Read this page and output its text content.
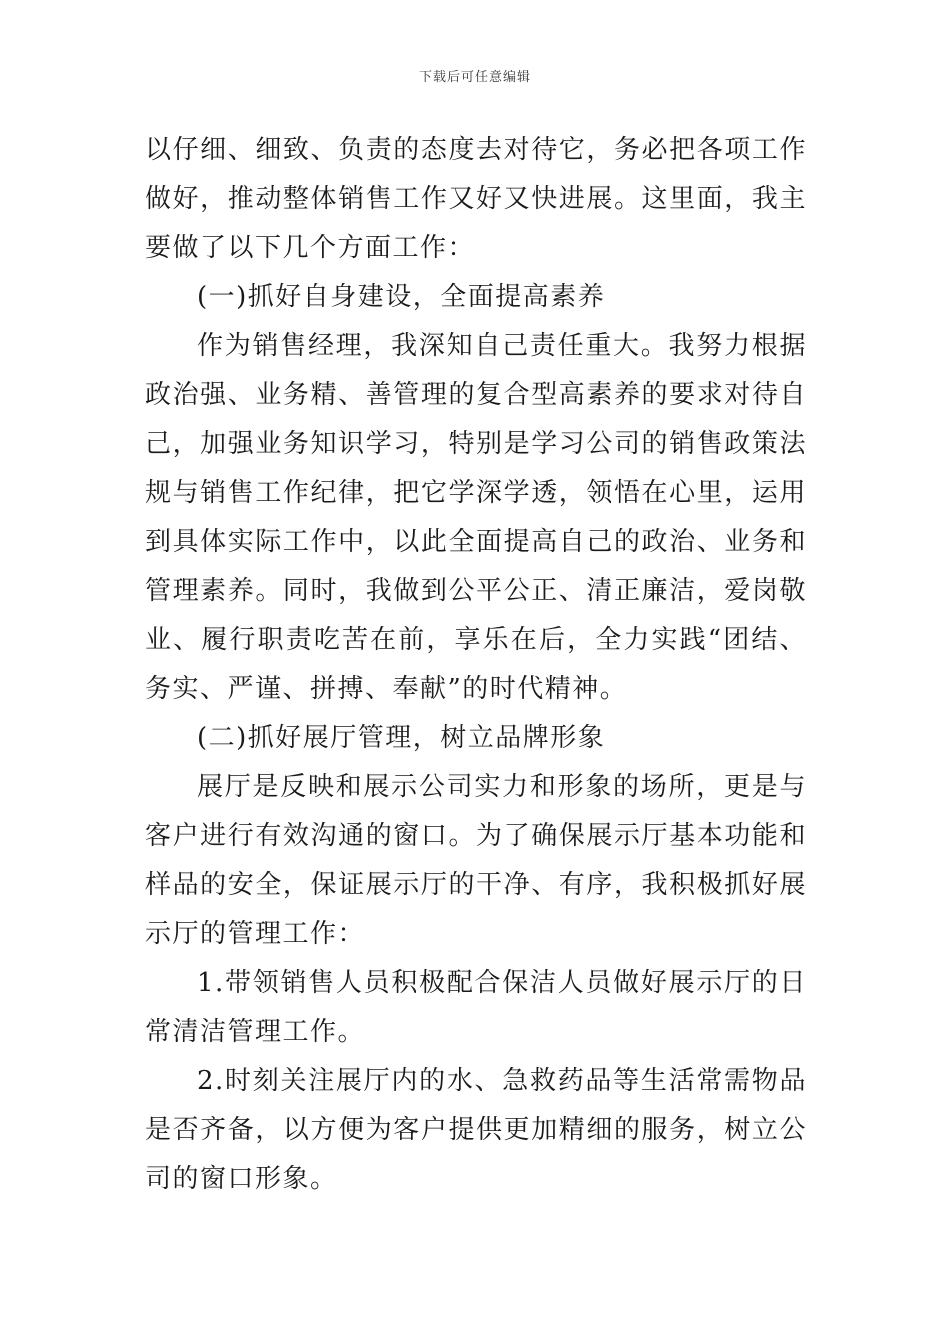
下载后可任意编辑

以仔细、细致、负责的态度去对待它，务必把各项工作做好，推动整体销售工作又好又快进展。这里面，我主要做了以下几个方面工作：

(一)抓好自身建设，全面提高素养

作为销售经理，我深知自己责任重大。我努力根据政治强、业务精、善管理的复合型高素养的要求对待自己，加强业务知识学习，特别是学习公司的销售政策法规与销售工作纪律，把它学深学透，领悟在心里，运用到具体实际工作中，以此全面提高自己的政治、业务和管理素养。同时，我做到公平公正、清正廉洁，爱岗敬业、履行职责吃苦在前，享乐在后，全力实践“团结、务实、严谨、拼搏、奉献”的时代精神。

(二)抓好展厅管理，树立品牌形象

展厅是反映和展示公司实力和形象的场所，更是与客户进行有效沟通的窗口。为了确保展示厅基本功能和样品的安全，保证展示厅的干净、有序，我积极抓好展示厅的管理工作：

1.带领销售人员积极配合保洁人员做好展示厅的日常清洁管理工作。

2.时刻关注展厅内的水、急救药品等生活常需物品是否齐备，以方便为客户提供更加精细的服务，树立公司的窗口形象。
